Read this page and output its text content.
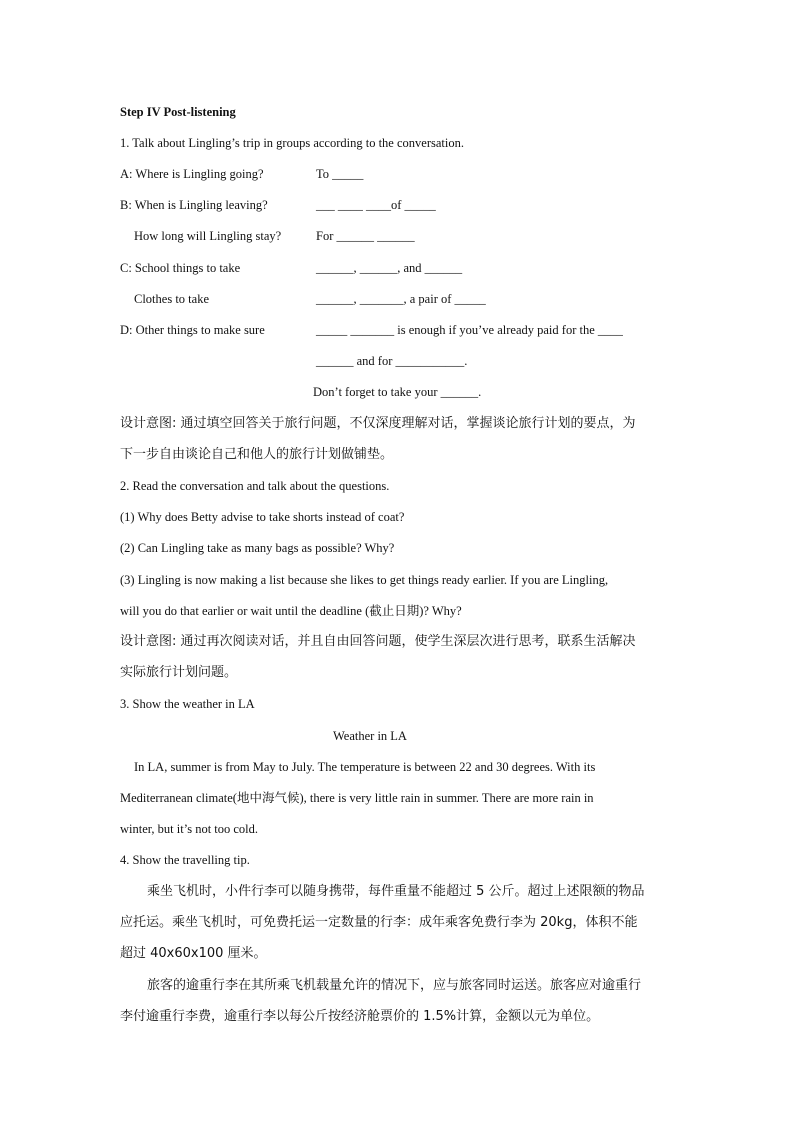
Step IV Post-listening
1. Talk about Lingling’s trip in groups according to the conversation.
A: Where is Lingling going?	To _____
B: When is Lingling leaving?	___ ____ ____of _____
How long will Lingling stay?	For ______ ______
C: School things to take	______, ______, and ______
Clothes to take	______, _______, a pair of _____
D: Other things to make sure	_____ _______ is enough if you’ve already paid for the ____
______ and for ___________.
Don’t forget to take your ______.
设计意图: 通过填空回答关于旅行问题，不仅深度理解对话，掌握谈论旅行计划的要点，为
下一步自由谈论自己和他人的旅行计划做铺垫。
2. Read the conversation and talk about the questions.
(1) Why does Betty advise to take shorts instead of coat?
(2) Can Lingling take as many bags as possible? Why?
(3) Lingling is now making a list because she likes to get things ready earlier. If you are Lingling,
will you do that earlier or wait until the deadline (截止日期)? Why?
设计意图: 通过再次阅读对话，并且自由回答问题，使学生深层次进行思考，联系生活解决
实际旅行计划问题。
3. Show the weather in LA
Weather in LA
In LA, summer is from May to July. The temperature is between 22 and 30 degrees. With its
Mediterranean climate(地中海气候), there is very little rain in summer. There are more rain in
winter, but it’s not too cold.
4. Show the travelling tip.
乘坐飞机时，小件行李可以随身携带，每件重量不能超过 5 公斤。超过上述限额的物品
应托运。乘坐飞机时，可免费托运一定数量的行李：成年乘客免费行李为 20kg，体积不能
超过 40x60x100 厘米。
旅客的逾重行李在其所乘飞机载量允许的情况下，应与旅客同时运送。旅客应对逾重行
李付逾重行李费，逾重行李以每公斤按经济舱票价的 1.5%计算，金额以元为单位。
